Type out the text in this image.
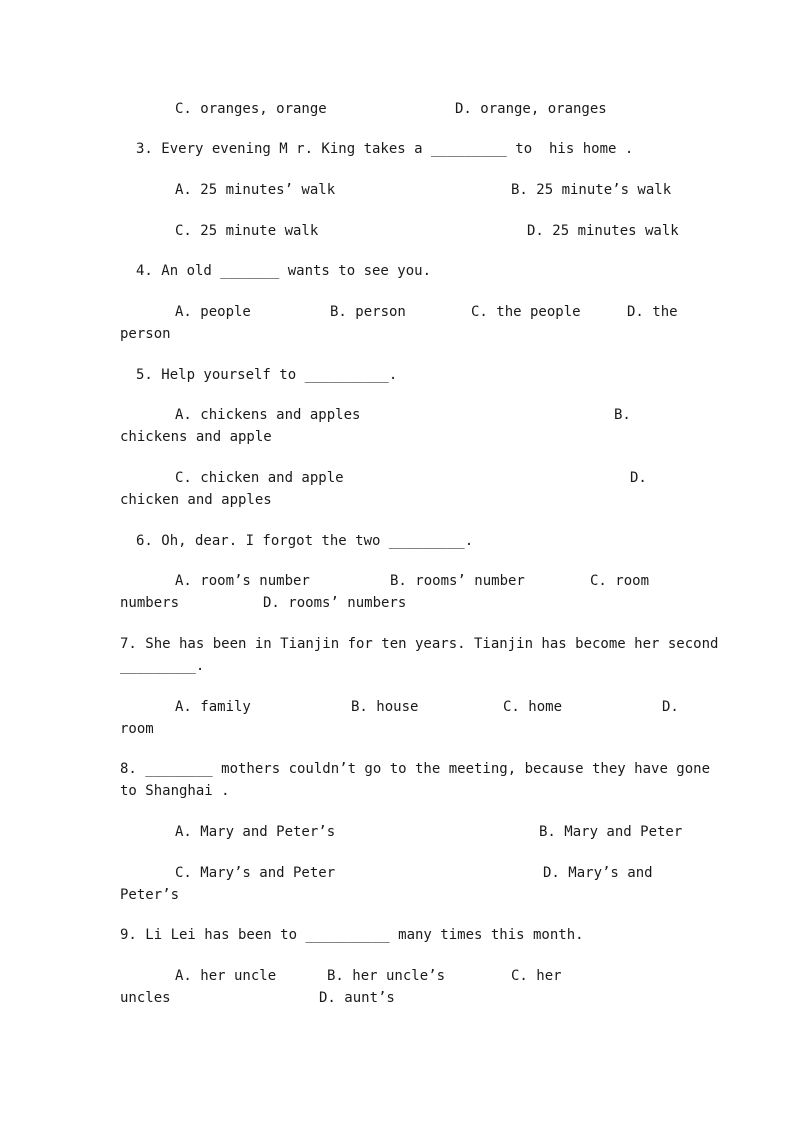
C. oranges, orange	D. orange, oranges
3. Every evening M r. King takes a _________ to  his home .
A. 25 minutes’ walk	B. 25 minute’s walk
C. 25 minute walk	D. 25 minutes walk
4. An old _______ wants to see you.
A. people	B. person	C. the people	D. the
person
5. Help yourself to __________.
A. chickens and apples	B.
chickens and apple
C. chicken and apple	D.
chicken and apples
6. Oh, dear. I forgot the two _________.
A. room’s number	B. rooms’ number	C. room
numbers	D. rooms’ numbers
7. She has been in Tianjin for ten years. Tianjin has become her second
_________.
A. family	B. house	C. home	D.
room
8. ________ mothers couldn’t go to the meeting, because they have gone
to Shanghai .
A. Mary and Peter’s	B. Mary and Peter
C. Mary’s and Peter	D. Mary’s and
Peter’s
9. Li Lei has been to __________ many times this month.
A. her uncle	B. her uncle’s	C. her
uncles	D. aunt’s
